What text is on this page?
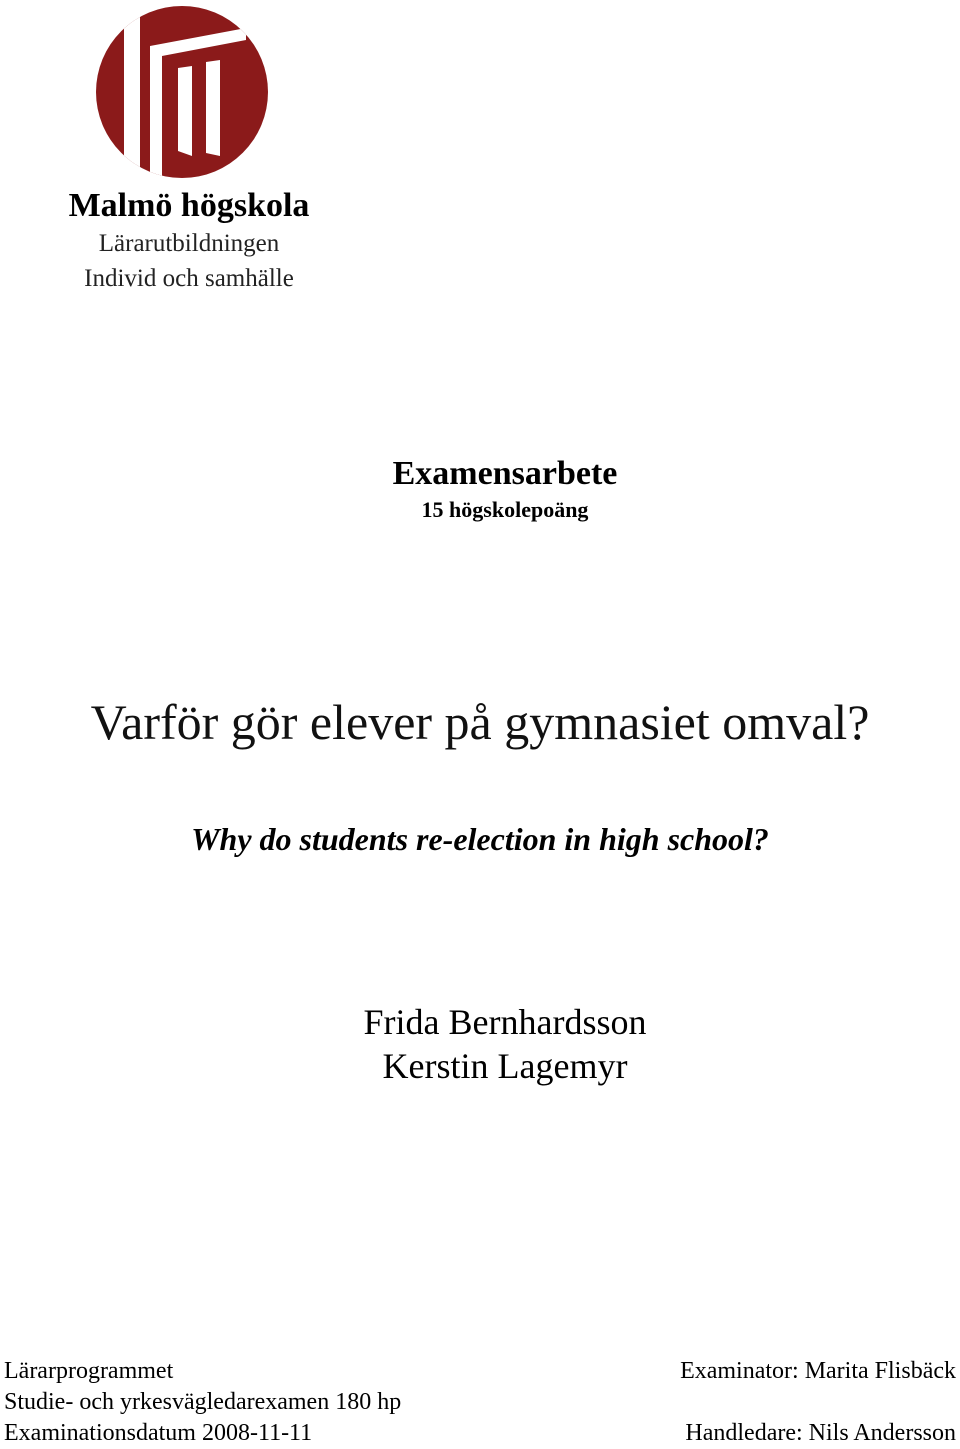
Malmö högskola
Lärarutbildningen
Individ och samhälle
Examensarbete
15 högskolepoäng
Varför gör elever på gymnasiet omval?
Why do students re-election in high school?
Frida Bernhardsson
Kerstin Lagemyr
Lärarprogrammet
Studie- och yrkesvägledarexamen 180 hp
Examinationsdatum 2008-11-11
Examinator: Marita Flisbäck
Handledare: Nils Andersson
